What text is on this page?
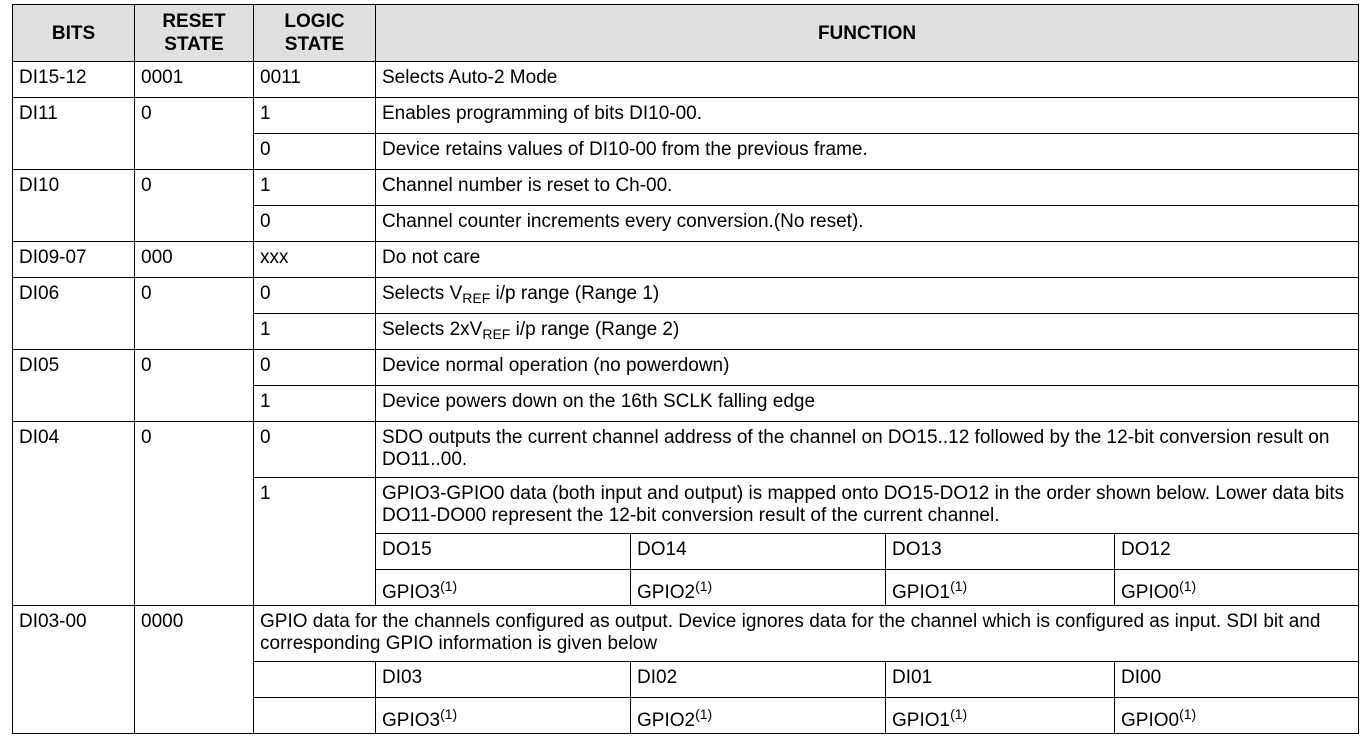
BITS	RESET STATE	LOGIC STATE	FUNCTION			
DI15-12	0001	0011	Selects Auto-2 Mode			
DI11	0	1	Enables programming of bits DI10-00.			
		0	Device retains values of DI10-00 from the previous frame.			
DI10	0	1	Channel number is reset to Ch-00.			
		0	Channel counter increments every conversion.(No reset).			
DI09-07	000	xxx	Do not care			
DI06	0	0	Selects $V_{REF}$ i/p range (Range 1)			
		1	Selects $2xV_{REF}$ i/p range (Range 2)			
DI05	0	0	Device normal operation (no powerdown)			
		1	Device powers down on the 16th SCLK falling edge			
DI04	0	0	SDO outputs the current channel address of the channel on DO15..12 followed by the 12-bit conversion result on DO11..00.			
		1	GPIO3-GPIO0 data (both input and output) is mapped onto DO15-DO12 in the order shown below. Lower data bits DO11-DO00 represent the 12-bit conversion result of the current channel.			
			DO15	DO14	DO13	DO12
			GPIO3$^{(1)}$	GPIO2$^{(1)}$	GPIO1$^{(1)}$	GPIO0$^{(1)}$
DI03-00	0000	GPIO data for the channels configured as output. Device ignores data for the channel which is configured as input. SDI bit and corresponding GPIO information is given below				
			DI03	DI02	DI01	DI00
			GPIO3$^{(1)}$	GPIO2$^{(1)}$	GPIO1$^{(1)}$	GPIO0$^{(1)}$
